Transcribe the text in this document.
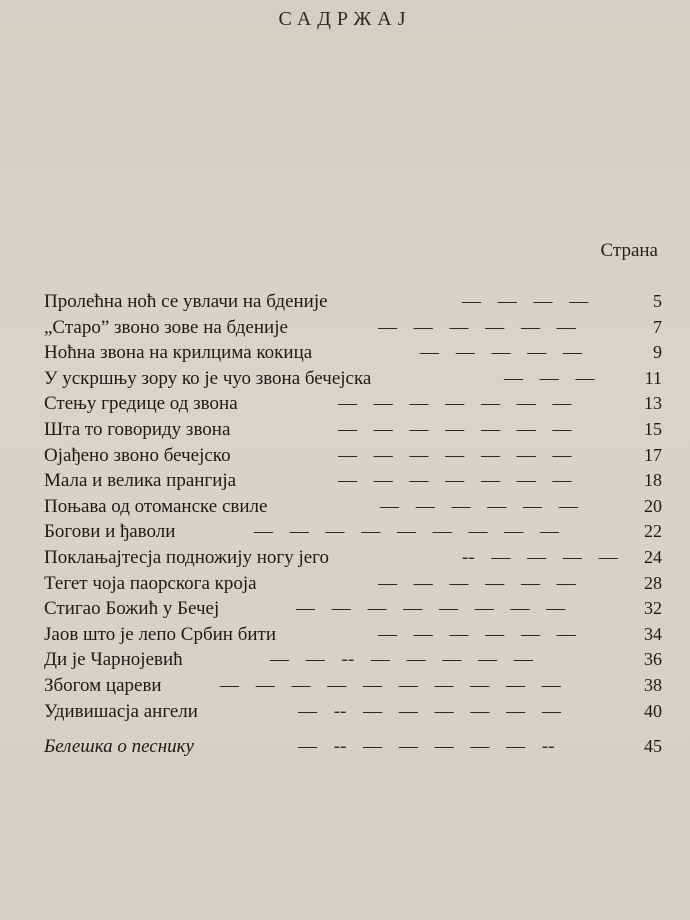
САДРЖАЈ
Страна
Пролећна ноћ се увлачи на бденије	— — — —	5
„Старо” звоно зове на бденије	— — — — — —	7
Ноћна звона на крилцима кокица	— — — — —	9
У ускршњу зору ко је чуо звона бечејска	— — —	11
Стењу гредице од звона	— — — — — — —	13
Шта то говориду звона	— — — — — — —	15
Ојађено звоно бечејско	— — — — — — —	17
Мала и велика прангија	— — — — — — —	18
Поњава од отоманске свиле	— — — — — —	20
Богови и ђаволи	— — — — — — — — —	22
Поклањајтесја подножију ногу јего	-- — — — — 24
Тегет чоја паорскога кроја	— — — — — —	28
Стигао Божић у Бечеј	— — — — — — — —	32
Јаов што је лепо Србин бити	— — — — — —	34
Ди је Чарнојевић	— — -- — — — — —	36
Збогом цареви	— — — — — — — — — —	38
Удивишасја ангели	— -- — — — — — —	40
Белешка о песнику	— -- — — — — — --	45
